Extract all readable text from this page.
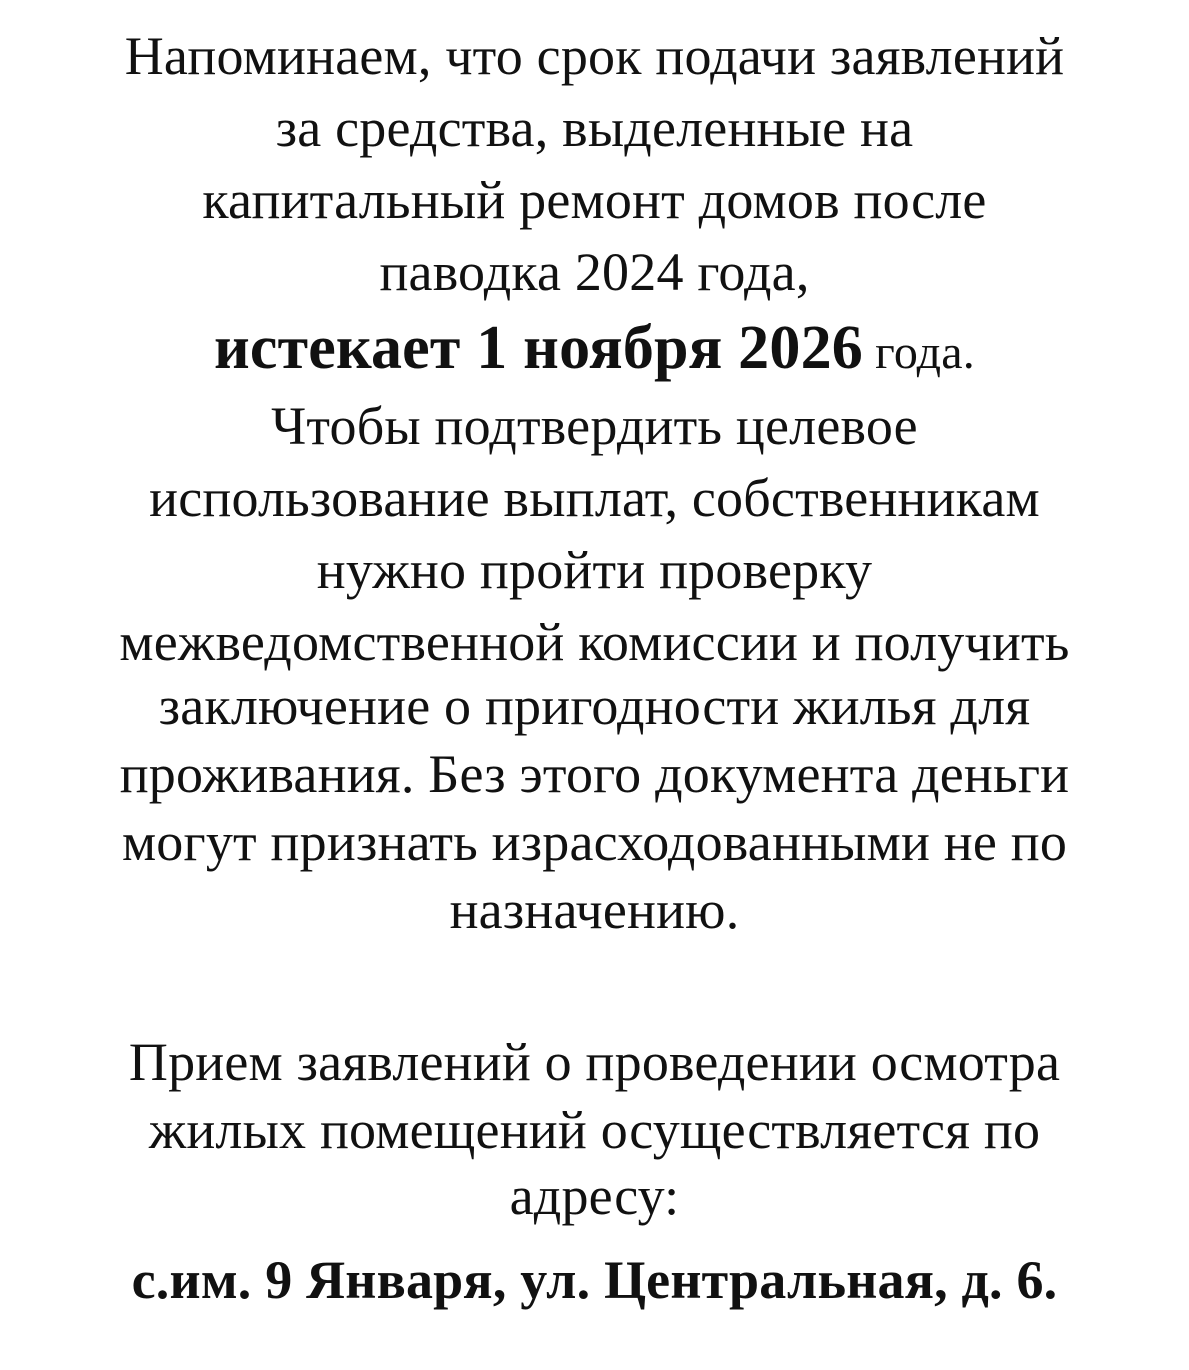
Напоминаем, что срок подачи заявлений
за средства, выделенные на
капитальный ремонт домов после
паводка 2024 года,
истекает 1 ноября 2026 года.
Чтобы подтвердить целевое
использование выплат, собственникам
нужно пройти проверку
межведомственной комиссии и получить
заключение о пригодности жилья для
проживания. Без этого документа деньги
могут признать израсходованными не по
назначению.
Прием заявлений о проведении осмотра
жилых помещений осуществляется по
адресу:
с.им. 9 Января, ул. Центральная, д. 6.
